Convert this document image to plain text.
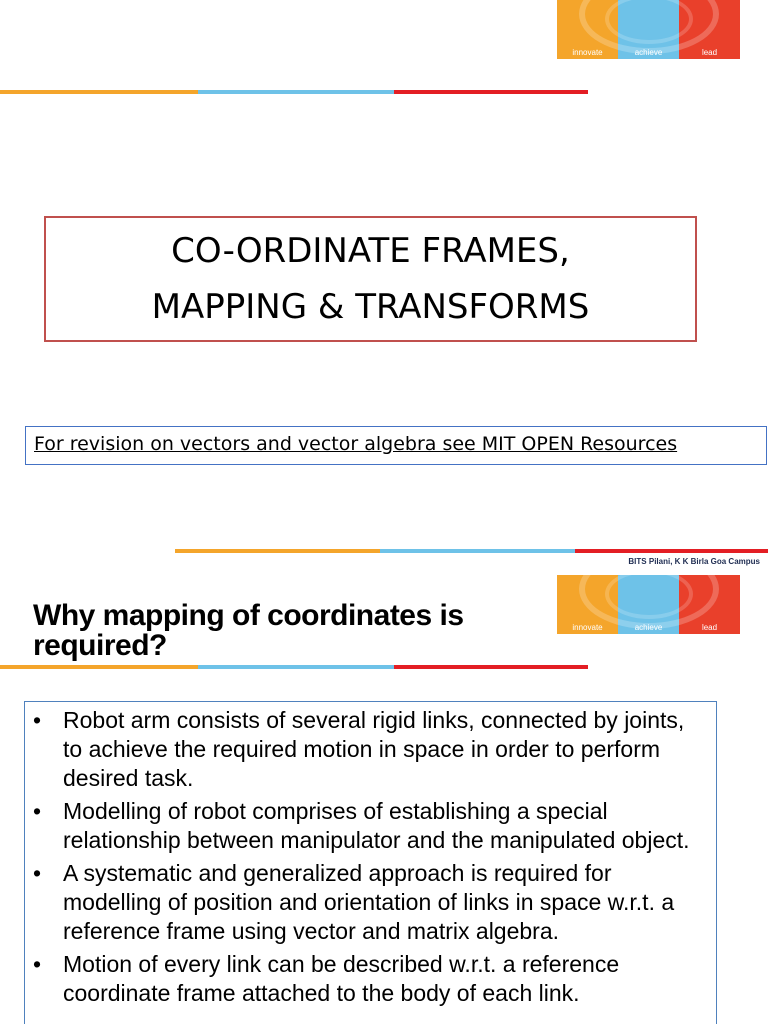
innovate	achieve	lead
CO-ORDINATE FRAMES,
MAPPING & TRANSFORMS
For revision on vectors and vector algebra see MIT OPEN Resources
BITS Pilani, K K Birla Goa Campus
innovate	achieve	lead
Why mapping of coordinates is required?
• Robot arm consists of several rigid links, connected by joints, to achieve the required motion in space in order to perform desired task.
• Modelling of robot comprises of establishing a special relationship between manipulator and the manipulated object.
• A systematic and generalized approach is required for modelling of position and orientation of links in space w.r.t. a reference frame using vector and matrix algebra.
• Motion of every link can be described w.r.t. a reference coordinate frame attached to the body of each link.
